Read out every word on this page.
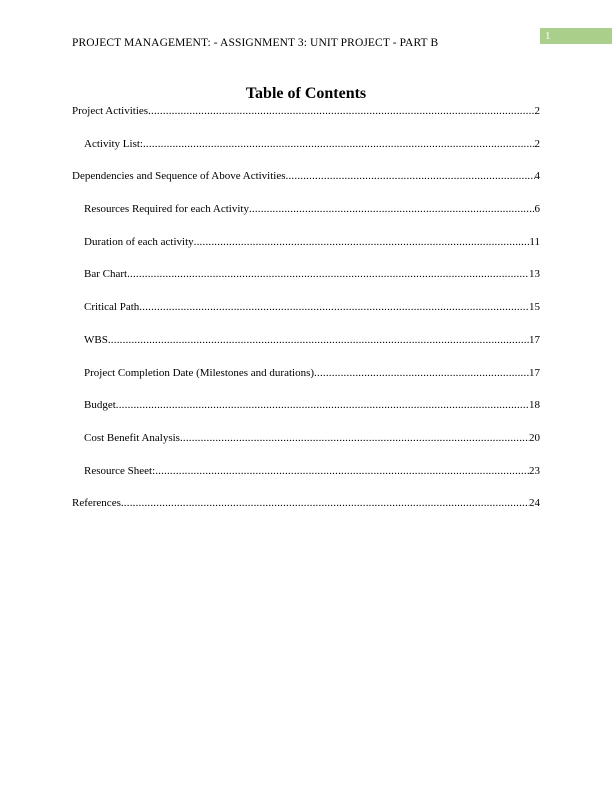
1
PROJECT MANAGEMENT: - ASSIGNMENT 3: UNIT PROJECT - PART B
Table of Contents
Project Activities .....	2
Activity List: .....	2
Dependencies and Sequence of Above Activities .....	4
Resources Required for each Activity .....	6
Duration of each activity .....	11
Bar Chart .....	13
Critical Path .....	15
WBS .....	17
Project Completion Date (Milestones and durations) .....	17
Budget .....	18
Cost Benefit Analysis .....	20
Resource Sheet: .....	23
References .....	24
